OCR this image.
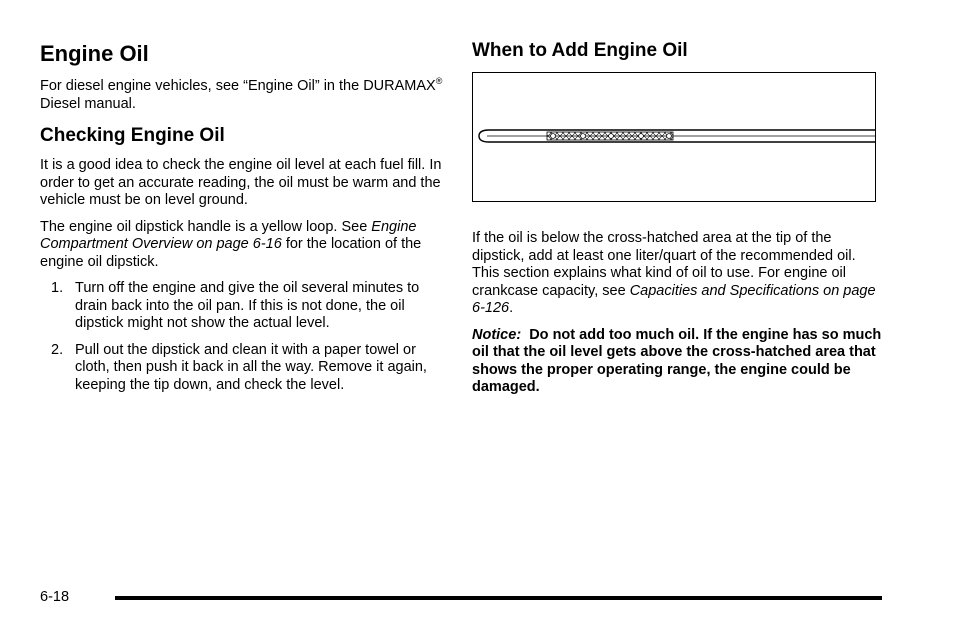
Engine Oil

For diesel engine vehicles, see “Engine Oil” in the DURAMAX® Diesel manual.

Checking Engine Oil

It is a good idea to check the engine oil level at each fuel fill. In order to get an accurate reading, the oil must be warm and the vehicle must be on level ground.

The engine oil dipstick handle is a yellow loop. See Engine Compartment Overview on page 6‑16 for the location of the engine oil dipstick.

1. Turn off the engine and give the oil several minutes to drain back into the oil pan. If this is not done, the oil dipstick might not show the actual level.
2. Pull out the dipstick and clean it with a paper towel or cloth, then push it back in all the way. Remove it again, keeping the tip down, and check the level.
When to Add Engine Oil

If the oil is below the cross-hatched area at the tip of the dipstick, add at least one liter/quart of the recommended oil. This section explains what kind of oil to use. For engine oil crankcase capacity, see Capacities and Specifications on page 6‑126.

Notice:  Do not add too much oil. If the engine has so much oil that the oil level gets above the cross-hatched area that shows the proper operating range, the engine could be damaged.

6-18
